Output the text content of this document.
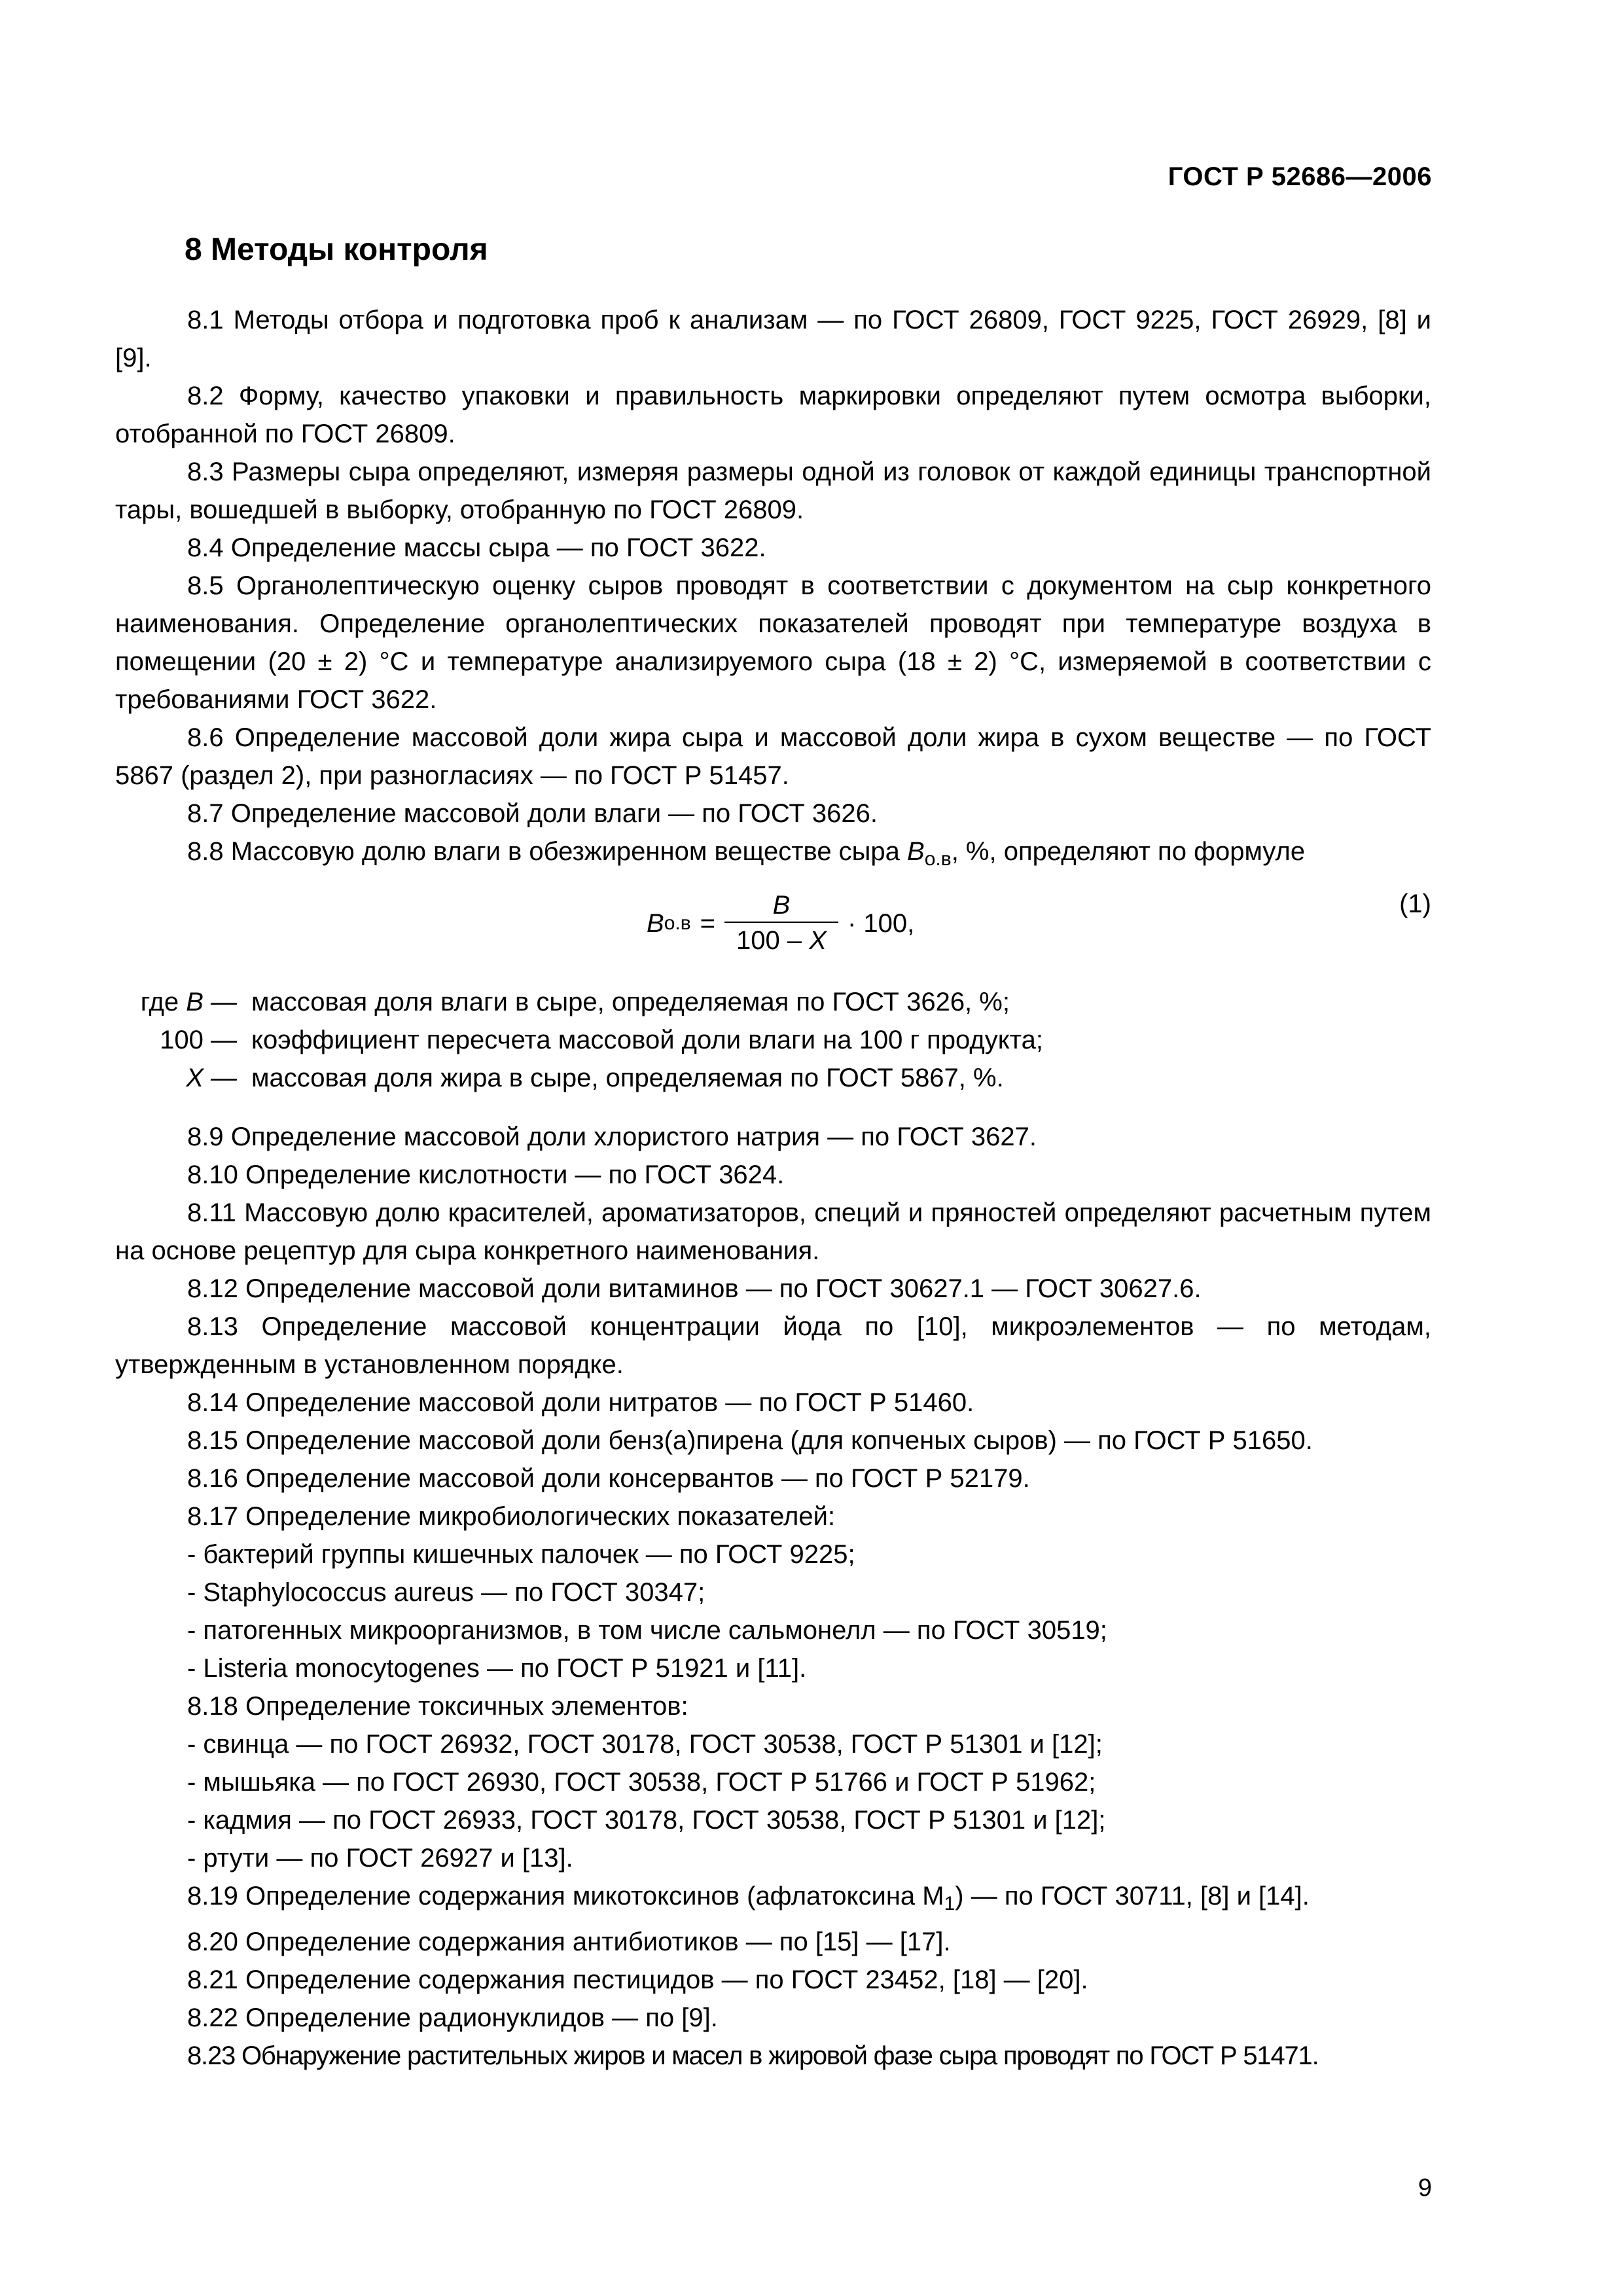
ГОСТ Р 52686—2006
8 Методы контроля

8.1 Методы отбора и подготовка проб к анализам — по ГОСТ 26809, ГОСТ 9225, ГОСТ 26929, [8] и [9].

8.2 Форму, качество упаковки и правильность маркировки определяют путем осмотра выборки, отобранной по ГОСТ 26809.

8.3 Размеры сыра определяют, измеряя размеры одной из головок от каждой единицы транспортной тары, вошедшей в выборку, отобранную по ГОСТ 26809.

8.4 Определение массы сыра — по ГОСТ 3622.

8.5 Органолептическую оценку сыров проводят в соответствии с документом на сыр конкретного наименования. Определение органолептических показателей проводят при температуре воздуха в помещении (20 ± 2) °С и температуре анализируемого сыра (18 ± 2) °С, измеряемой в соответствии с требованиями ГОСТ 3622.

8.6 Определение массовой доли жира сыра и массовой доли жира в сухом веществе — по ГОСТ 5867 (раздел 2), при разногласиях — по ГОСТ Р 51457.

8.7 Определение массовой доли влаги — по ГОСТ 3626.

8.8 Массовую долю влаги в обезжиренном веществе сыра $В_{о.в}$, %, определяют по формуле

В $о.в = \frac{В}{100 - Х} \cdot 100$,
(1)
где В — массовая доля влаги в сыре, определяемая по ГОСТ 3626, %;
100 — коэффициент пересчета массовой доли влаги на 100 г продукта;
Х — массовая доля жира в сыре, определяемая по ГОСТ 5867, %.

8.9 Определение массовой доли хлористого натрия — по ГОСТ 3627.

8.10 Определение кислотности — по ГОСТ 3624.

8.11 Массовую долю красителей, ароматизаторов, специй и пряностей определяют расчетным путем на основе рецептур для сыра конкретного наименования.

8.12 Определение массовой доли витаминов — по ГОСТ 30627.1 — ГОСТ 30627.6.

8.13 Определение массовой концентрации йода по [10], микроэлементов — по методам, утвержденным в установленном порядке.

8.14 Определение массовой доли нитратов — по ГОСТ Р 51460.

8.15 Определение массовой доли бенз(а)пирена (для копченых сыров) — по ГОСТ Р 51650.

8.16 Определение массовой доли консервантов — по ГОСТ Р 52179.

8.17 Определение микробиологических показателей:

- бактерий группы кишечных палочек — по ГОСТ 9225;
- Staphylococcus aureus — по ГОСТ 30347;
- патогенных микроорганизмов, в том числе сальмонелл — по ГОСТ 30519;
- Listeria monocytogenes — по ГОСТ Р 51921 и [11].

8.18 Определение токсичных элементов:

- свинца — по ГОСТ 26932, ГОСТ 30178, ГОСТ 30538, ГОСТ Р 51301 и [12];
- мышьяка — по ГОСТ 26930, ГОСТ 30538, ГОСТ Р 51766 и ГОСТ Р 51962;
- кадмия — по ГОСТ 26933, ГОСТ 30178, ГОСТ 30538, ГОСТ Р 51301 и [12];
- ртути — по ГОСТ 26927 и [13].

8.19 Определение содержания микотоксинов (афлатоксина $М_1$) — по ГОСТ 30711, [8] и [14].

8.20 Определение содержания антибиотиков — по [15] — [17].

8.21 Определение содержания пестицидов — по ГОСТ 23452, [18] — [20].

8.22 Определение радионуклидов — по [9].

8.23 Обнаружение растительных жиров и масел в жировой фазе сыра проводят по ГОСТ Р 51471.

9
